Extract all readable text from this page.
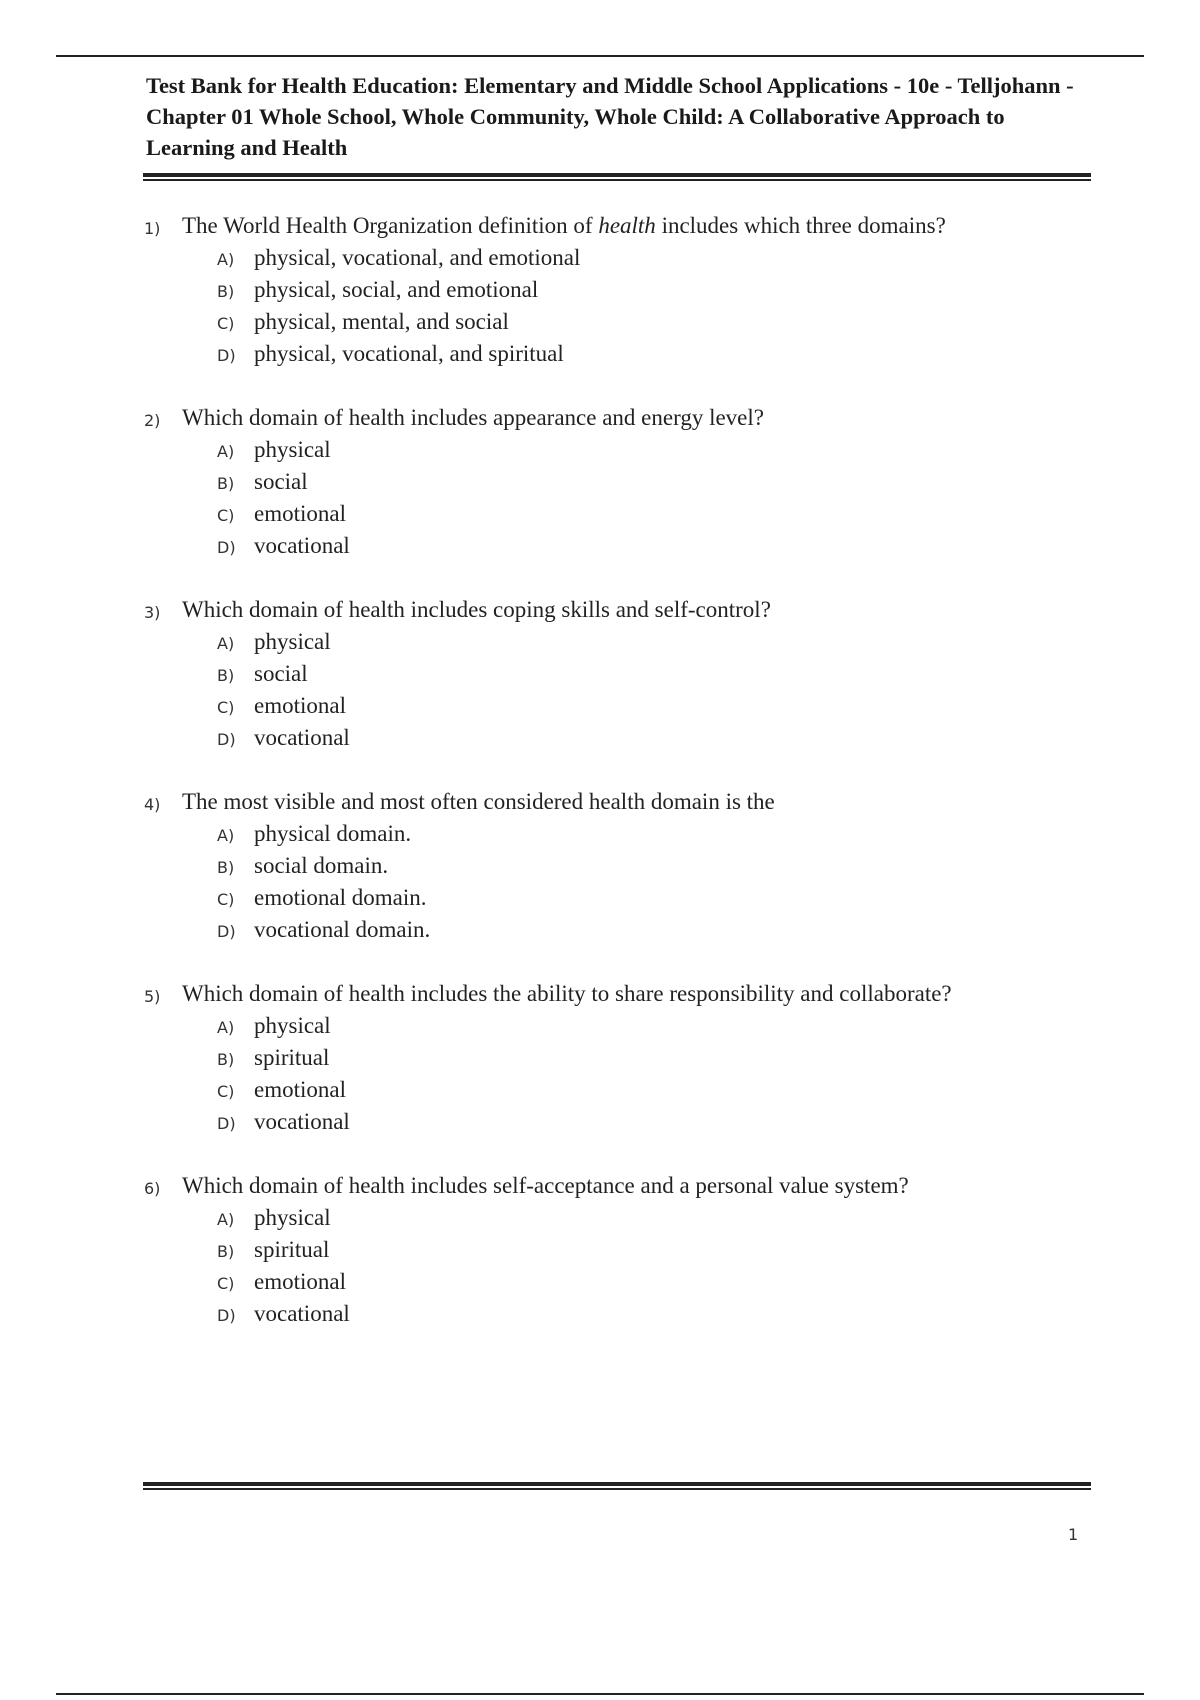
Test Bank for Health Education: Elementary and Middle School Applications - 10e - Telljohann - Chapter 01 Whole School, Whole Community, Whole Child: A Collaborative Approach to Learning and Health
1) The World Health Organization definition of health includes which three domains?
A) physical, vocational, and emotional
B) physical, social, and emotional
C) physical, mental, and social
D) physical, vocational, and spiritual
2) Which domain of health includes appearance and energy level?
A) physical
B) social
C) emotional
D) vocational
3) Which domain of health includes coping skills and self-control?
A) physical
B) social
C) emotional
D) vocational
4) The most visible and most often considered health domain is the
A) physical domain.
B) social domain.
C) emotional domain.
D) vocational domain.
5) Which domain of health includes the ability to share responsibility and collaborate?
A) physical
B) spiritual
C) emotional
D) vocational
6) Which domain of health includes self-acceptance and a personal value system?
A) physical
B) spiritual
C) emotional
D) vocational
1
